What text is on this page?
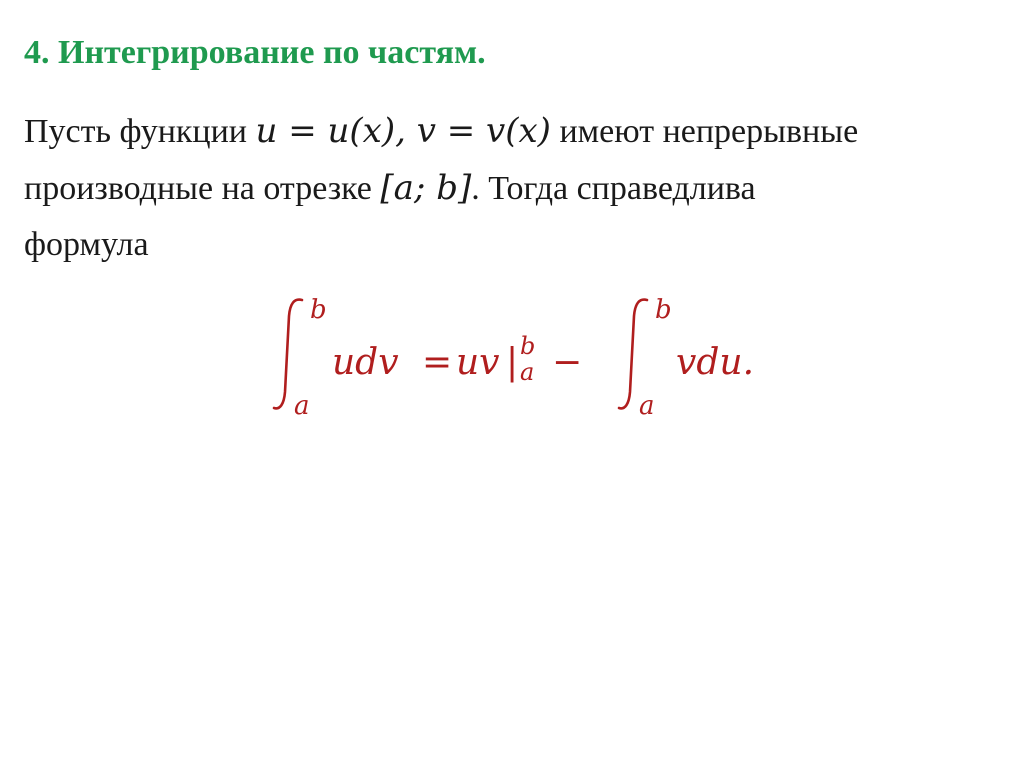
4. Интегрирование по частям.
Пусть функции u = u(x), v = v(x) имеют непрерывные
производные на отрезке [a; b]. Тогда справедлива
формула
b
a
udv = uv | b
a −
b
a
vdu.
